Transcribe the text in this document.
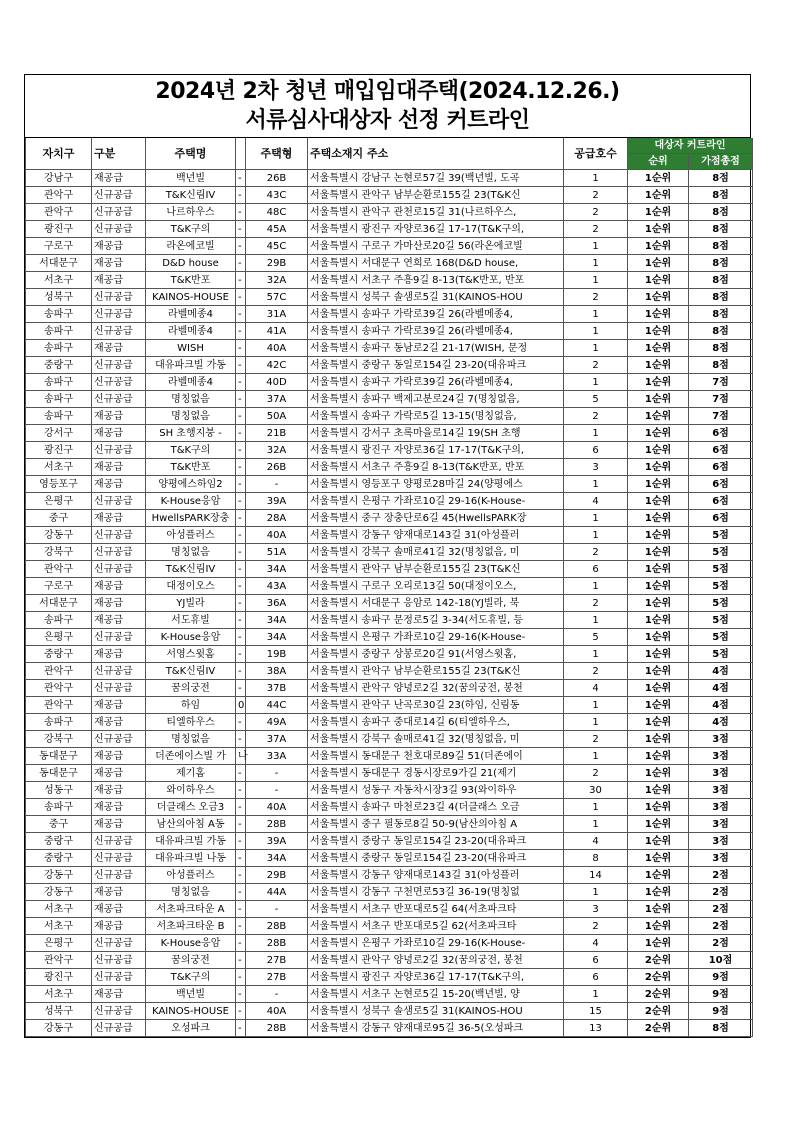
2024년 2차 청년 매입임대주택(2024.12.26.)
서류심사대상자 선정 커트라인
자치구	구분	주택명		주택형	주택소재지 주소	공급호수	대상자 커트라인	
							순위	가점총점
강남구	재공급	백년빌	-	26B	서울특별시 강남구 논현로57길 39(백년빌, 도곡	1	1순위	8점
관악구	신규공급	T&K신림IV	-	43C	서울특별시 관악구 남부순환로155길 23(T&K신	2	1순위	8점
관악구	신규공급	나르하우스	-	48C	서울특별시 관악구 관천로15길 31(나르하우스,	2	1순위	8점
광진구	신규공급	T&K구의	-	45A	서울특별시 광진구 자양로36길 17-17(T&K구의,	2	1순위	8점
구로구	재공급	라온에코빌	-	45C	서울특별시 구로구 가마산로20길 56(라온에코빌	1	1순위	8점
서대문구	재공급	D&D house	-	29B	서울특별시 서대문구 연희로 168(D&D house,	1	1순위	8점
서초구	재공급	T&K반포	-	32A	서울특별시 서초구 주흥9길 8-13(T&K반포, 반포	1	1순위	8점
성북구	신규공급	KAINOS-HOUSE	-	57C	서울특별시 성북구 솔샘로5길 31(KAINOS-HOU	2	1순위	8점
송파구	신규공급	라벨메종4	-	31A	서울특별시 송파구 가락로39길 26(라벨메종4,	1	1순위	8점
송파구	신규공급	라벨메종4	-	41A	서울특별시 송파구 가락로39길 26(라벨메종4,	1	1순위	8점
송파구	재공급	WISH	-	40A	서울특별시 송파구 동남로2길 21-17(WISH, 문정	1	1순위	8점
중랑구	신규공급	대유파크빌 가동	-	42C	서울특별시 중랑구 동일로154길 23-20(대유파크	2	1순위	8점
송파구	신규공급	라벨메종4	-	40D	서울특별시 송파구 가락로39길 26(라벨메종4,	1	1순위	7점
송파구	신규공급	명칭없음	-	37A	서울특별시 송파구 백제고분로24길 7(명칭없음,	5	1순위	7점
송파구	재공급	명칭없음	-	50A	서울특별시 송파구 가락로5길 13-15(명칭없음,	2	1순위	7점
강서구	재공급	SH 초행지붕 -	-	21B	서울특별시 강서구 초록마을로14길 19(SH 초행	1	1순위	6점
광진구	신규공급	T&K구의	-	32A	서울특별시 광진구 자양로36길 17-17(T&K구의,	6	1순위	6점
서초구	재공급	T&K반포	-	26B	서울특별시 서초구 주흥9길 8-13(T&K반포, 반포	3	1순위	6점
영등포구	재공급	양평에스하임2	-	-	서울특별시 영등포구 양평로28마길 24(양평에스	1	1순위	6점
은평구	신규공급	K-House응암	-	39A	서울특별시 은평구 가좌로10길 29-16(K-House-	4	1순위	6점
중구	재공급	HwellsPARK장충	-	28A	서울특별시 중구 장충단로6길 45(HwellsPARK장	1	1순위	6점
강동구	신규공급	아성플러스	-	40A	서울특별시 강동구 양재대로143길 31(아성플러	1	1순위	5점
강북구	신규공급	명칭없음	-	51A	서울특별시 강북구 솔매로41길 32(명칭없음, 미	2	1순위	5점
관악구	신규공급	T&K신림IV	-	34A	서울특별시 관악구 남부순환로155길 23(T&K신	6	1순위	5점
구로구	재공급	대정이오스	-	43A	서울특별시 구로구 오리로13길 50(대정이오스,	1	1순위	5점
서대문구	재공급	YJ빌라	-	36A	서울특별시 서대문구 응암로 142-18(YJ빌라, 북	2	1순위	5점
송파구	재공급	서도휴빌	-	34A	서울특별시 송파구 문정로5길 3-34(서도휴빌, 등	1	1순위	5점
은평구	신규공급	K-House응암	-	34A	서울특별시 은평구 가좌로10길 29-16(K-House-	5	1순위	5점
중랑구	재공급	서영스윗홈	-	19B	서울특별시 중랑구 상봉로20길 91(서영스윗홈,	1	1순위	5점
관악구	신규공급	T&K신림IV	-	38A	서울특별시 관악구 남부순환로155길 23(T&K신	2	1순위	4점
관악구	신규공급	꿈의궁전	-	37B	서울특별시 관악구 양녕로2길 32(꿈의궁전, 봉천	4	1순위	4점
관악구	재공급	하임	0	44C	서울특별시 관악구 난곡로30길 23(하임, 신림동	1	1순위	4점
송파구	재공급	티엘하우스	-	49A	서울특별시 송파구 중대로14길 6(티엘하우스,	1	1순위	4점
강북구	신규공급	명칭없음	-	37A	서울특별시 강북구 솔매로41길 32(명칭없음, 미	2	1순위	3점
동대문구	재공급	더존에이스빌 가	나	33A	서울특별시 동대문구 천호대로89길 51(더존에이	1	1순위	3점
동대문구	재공급	제기홈	-	-	서울특별시 동대문구 경동시장로9가길 21(제기	2	1순위	3점
성동구	재공급	와이하우스	-	-	서울특별시 성동구 자동차시장3길 93(와이하우	30	1순위	3점
송파구	재공급	더클래스 오금3	-	40A	서울특별시 송파구 마천로23길 4(더클래스 오금	1	1순위	3점
중구	재공급	남산의아침 A동	-	28B	서울특별시 중구 필동로8길 50-9(남산의아침 A	1	1순위	3점
중랑구	신규공급	대유파크빌 가동	-	39A	서울특별시 중랑구 동일로154길 23-20(대유파크	4	1순위	3점
중랑구	신규공급	대유파크빌 나동	-	34A	서울특별시 중랑구 동일로154길 23-20(대유파크	8	1순위	3점
강동구	신규공급	아성플러스	-	29B	서울특별시 강동구 양재대로143길 31(아성플러	14	1순위	2점
강동구	재공급	명칭없음	-	44A	서울특별시 강동구 구천면로53길 36-19(명칭없	1	1순위	2점
서초구	재공급	서초파크타운 A	-	-	서울특별시 서초구 반포대로5길 64(서초파크타	3	1순위	2점
서초구	재공급	서초파크타운 B	-	28B	서울특별시 서초구 반포대로5길 62(서초파크타	2	1순위	2점
은평구	신규공급	K-House응암	-	28B	서울특별시 은평구 가좌로10길 29-16(K-House-	4	1순위	2점
관악구	신규공급	꿈의궁전	-	27B	서울특별시 관악구 양녕로2길 32(꿈의궁전, 봉천	6	2순위	10점
광진구	신규공급	T&K구의	-	27B	서울특별시 광진구 자양로36길 17-17(T&K구의,	6	2순위	9점
서초구	재공급	백년빌	-	-	서울특별시 서초구 논현로5길 15-20(백년빌, 양	1	2순위	9점
성북구	신규공급	KAINOS-HOUSE	-	40A	서울특별시 성북구 솔샘로5길 31(KAINOS-HOU	15	2순위	9점
강동구	신규공급	오성파크	-	28B	서울특별시 강동구 양재대로95길 36-5(오성파크	13	2순위	8점
